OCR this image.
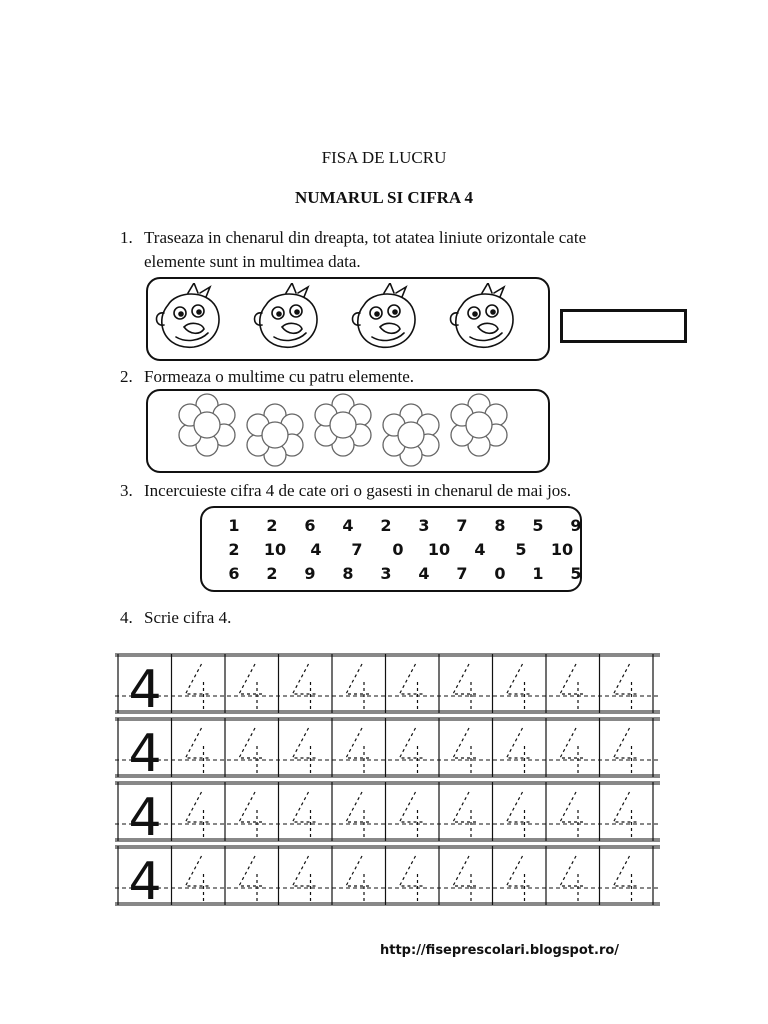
FISA DE LUCRU
NUMARUL SI CIFRA 4
1. Traseaza in chenarul din dreapta, tot atatea liniute orizontale cate
elemente sunt in multimea data.
2. Formeaza o multime cu patru elemente.
3. Incercuieste cifra 4 de cate ori o gasesti in chenarul de mai jos.
1	2	6	4	2	3	7	8	5	9
2	10	4	7	0	10	4	5	10
6	2	9	8	3	4	7	0	1	5
4. Scrie cifra 4.
4
4
4
4
http://fiseprescolari.blogspot.ro/
